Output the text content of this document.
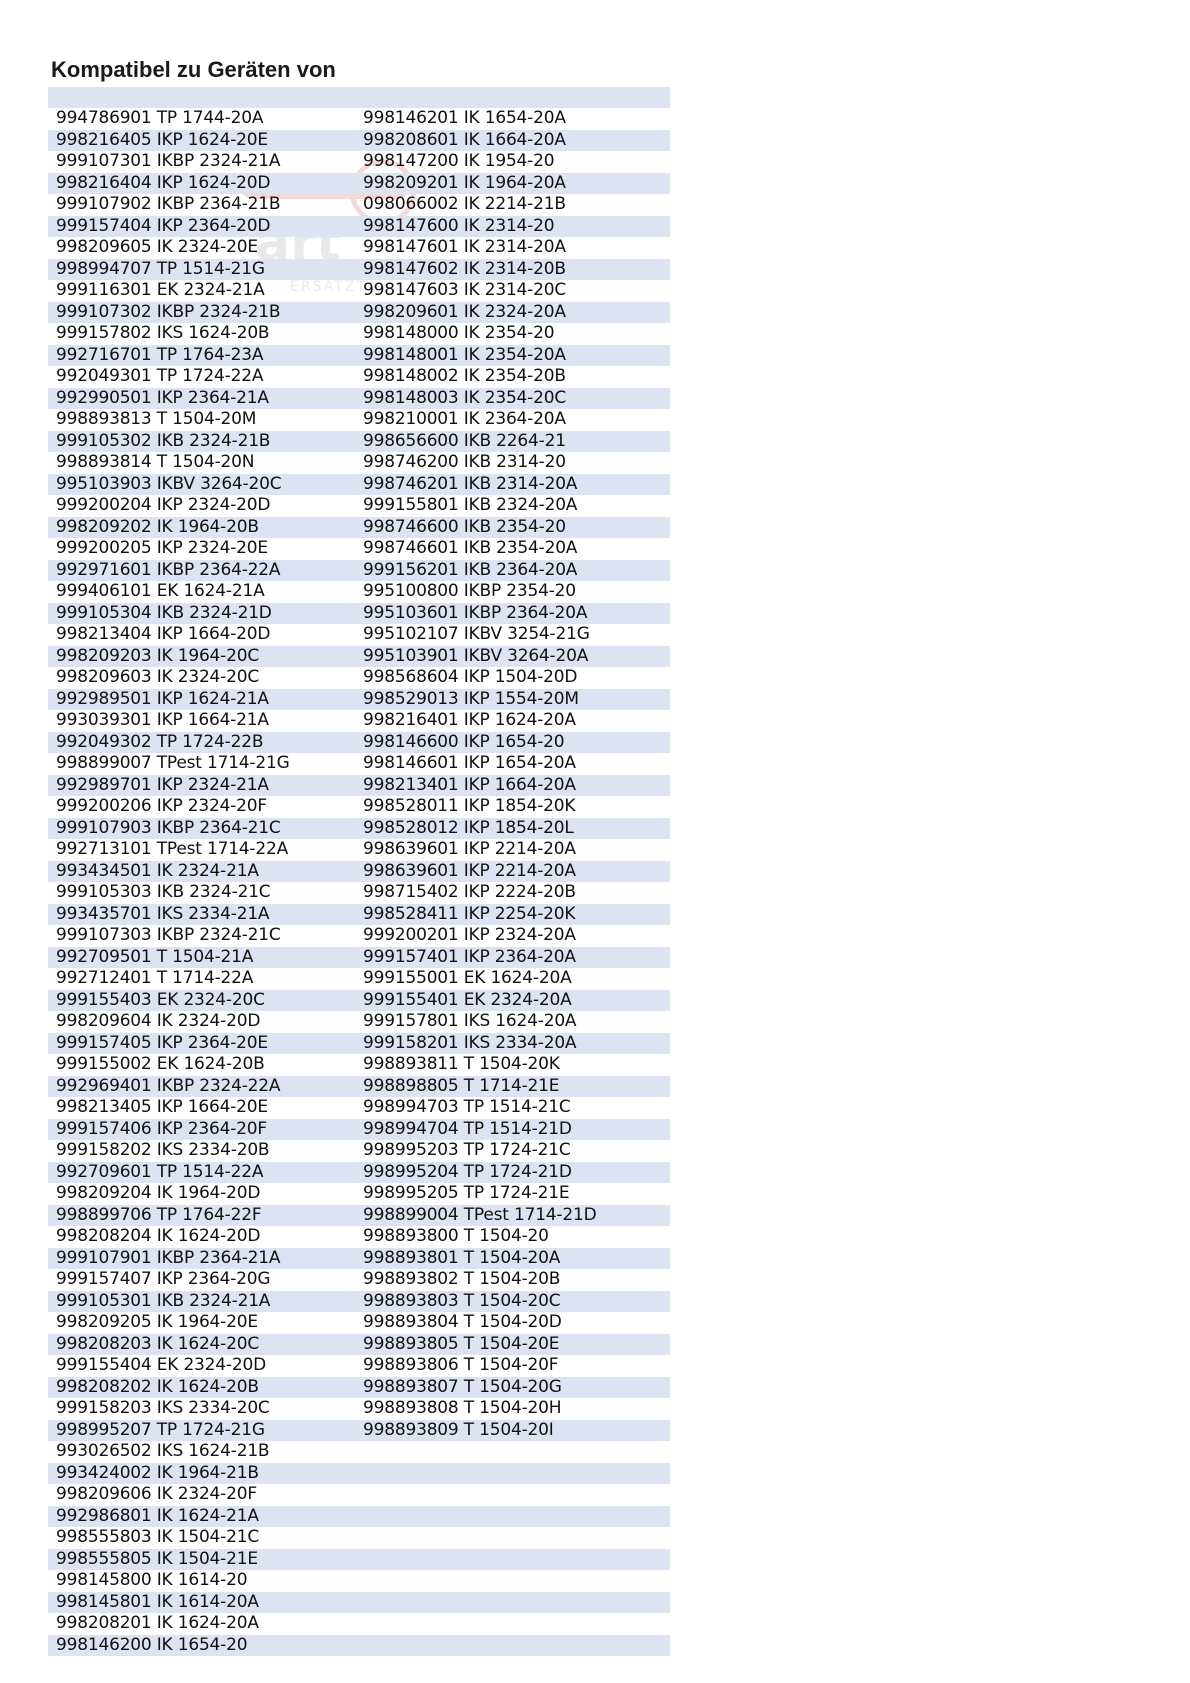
Kompatibel zu Geräten von
art
ERSATZT
994786901 TP 1744-20A	998146201 IK 1654-20A
998216405 IKP 1624-20E	998208601 IK 1664-20A
999107301 IKBP 2324-21A	998147200 IK 1954-20
998216404 IKP 1624-20D	998209201 IK 1964-20A
999107902 IKBP 2364-21B	098066002 IK 2214-21B
999157404 IKP 2364-20D	998147600 IK 2314-20
998209605 IK 2324-20E	998147601 IK 2314-20A
998994707 TP 1514-21G	998147602 IK 2314-20B
999116301 EK 2324-21A	998147603 IK 2314-20C
999107302 IKBP 2324-21B	998209601 IK 2324-20A
999157802 IKS 1624-20B	998148000 IK 2354-20
992716701 TP 1764-23A	998148001 IK 2354-20A
992049301 TP 1724-22A	998148002 IK 2354-20B
992990501 IKP 2364-21A	998148003 IK 2354-20C
998893813 T 1504-20M	998210001 IK 2364-20A
999105302 IKB 2324-21B	998656600 IKB 2264-21
998893814 T 1504-20N	998746200 IKB 2314-20
995103903 IKBV 3264-20C	998746201 IKB 2314-20A
999200204 IKP 2324-20D	999155801 IKB 2324-20A
998209202 IK 1964-20B	998746600 IKB 2354-20
999200205 IKP 2324-20E	998746601 IKB 2354-20A
992971601 IKBP 2364-22A	999156201 IKB 2364-20A
999406101 EK 1624-21A	995100800 IKBP 2354-20
999105304 IKB 2324-21D	995103601 IKBP 2364-20A
998213404 IKP 1664-20D	995102107 IKBV 3254-21G
998209203 IK 1964-20C	995103901 IKBV 3264-20A
998209603 IK 2324-20C	998568604 IKP 1504-20D
992989501 IKP 1624-21A	998529013 IKP 1554-20M
993039301 IKP 1664-21A	998216401 IKP 1624-20A
992049302 TP 1724-22B	998146600 IKP 1654-20
998899007 TPest 1714-21G	998146601 IKP 1654-20A
992989701 IKP 2324-21A	998213401 IKP 1664-20A
999200206 IKP 2324-20F	998528011 IKP 1854-20K
999107903 IKBP 2364-21C	998528012 IKP 1854-20L
992713101 TPest 1714-22A	998639601 IKP 2214-20A
993434501 IK 2324-21A	998639601 IKP 2214-20A
999105303 IKB 2324-21C	998715402 IKP 2224-20B
993435701 IKS 2334-21A	998528411 IKP 2254-20K
999107303 IKBP 2324-21C	999200201 IKP 2324-20A
992709501 T 1504-21A	999157401 IKP 2364-20A
992712401 T 1714-22A	999155001 EK 1624-20A
999155403 EK 2324-20C	999155401 EK 2324-20A
998209604 IK 2324-20D	999157801 IKS 1624-20A
999157405 IKP 2364-20E	999158201 IKS 2334-20A
999155002 EK 1624-20B	998893811 T 1504-20K
992969401 IKBP 2324-22A	998898805 T 1714-21E
998213405 IKP 1664-20E	998994703 TP 1514-21C
999157406 IKP 2364-20F	998994704 TP 1514-21D
999158202 IKS 2334-20B	998995203 TP 1724-21C
992709601 TP 1514-22A	998995204 TP 1724-21D
998209204 IK 1964-20D	998995205 TP 1724-21E
998899706 TP 1764-22F	998899004 TPest 1714-21D
998208204 IK 1624-20D	998893800 T 1504-20
999107901 IKBP 2364-21A	998893801 T 1504-20A
999157407 IKP 2364-20G	998893802 T 1504-20B
999105301 IKB 2324-21A	998893803 T 1504-20C
998209205 IK 1964-20E	998893804 T 1504-20D
998208203 IK 1624-20C	998893805 T 1504-20E
999155404 EK 2324-20D	998893806 T 1504-20F
998208202 IK 1624-20B	998893807 T 1504-20G
999158203 IKS 2334-20C	998893808 T 1504-20H
998995207 TP 1724-21G	998893809 T 1504-20I
993026502 IKS 1624-21B
993424002 IK 1964-21B
998209606 IK 2324-20F
992986801 IK 1624-21A
998555803 IK 1504-21C
998555805 IK 1504-21E
998145800 IK 1614-20
998145801 IK 1614-20A
998208201 IK 1624-20A
998146200 IK 1654-20
